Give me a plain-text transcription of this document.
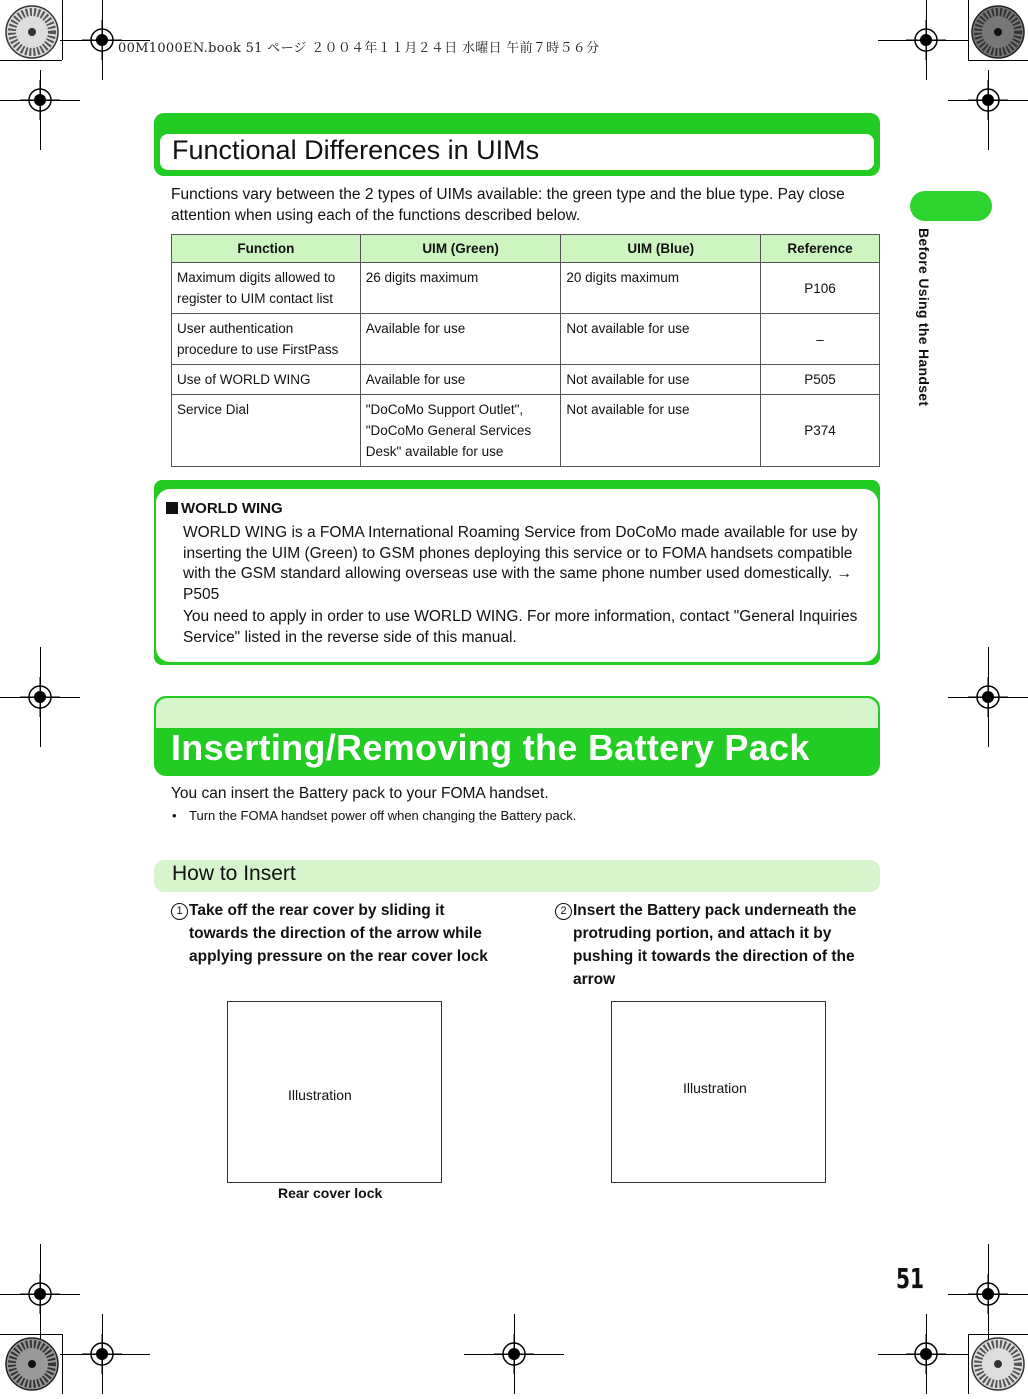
00M1000EN.book 51 ページ ２００４年１１月２４日 水曜日 午前７時５６分
Before Using the Handset
Functional Differences in UIMs
Functions vary between the 2 types of UIMs available: the green type and the blue type. Pay close attention when using each of the functions described below.
Function	UIM (Green)	UIM (Blue)	Reference
Maximum digits allowed to register to UIM contact list	26 digits maximum	20 digits maximum	P106
User authentication procedure to use FirstPass	Available for use	Not available for use	–
Use of WORLD WING	Available for use	Not available for use	P505
Service Dial	"DoCoMo Support Outlet", "DoCoMo General Services Desk" available for use	Not available for use	P374
WORLD WING
WORLD WING is a FOMA International Roaming Service from DoCoMo made available for use by inserting the UIM (Green) to GSM phones deploying this service or to FOMA handsets compatible with the GSM standard allowing overseas use with the same phone number used domestically. → P505
You need to apply in order to use WORLD WING. For more information, contact "General Inquiries Service" listed in the reverse side of this manual.
Inserting/Removing the Battery Pack
You can insert the Battery pack to your FOMA handset.
• Turn the FOMA handset power off when changing the Battery pack.
How to Insert
1 Take off the rear cover by sliding it towards the direction of the arrow while applying pressure on the rear cover lock
2 Insert the Battery pack underneath the protruding portion, and attach it by pushing it towards the direction of the arrow
Illustration
Rear cover lock
Illustration
51
